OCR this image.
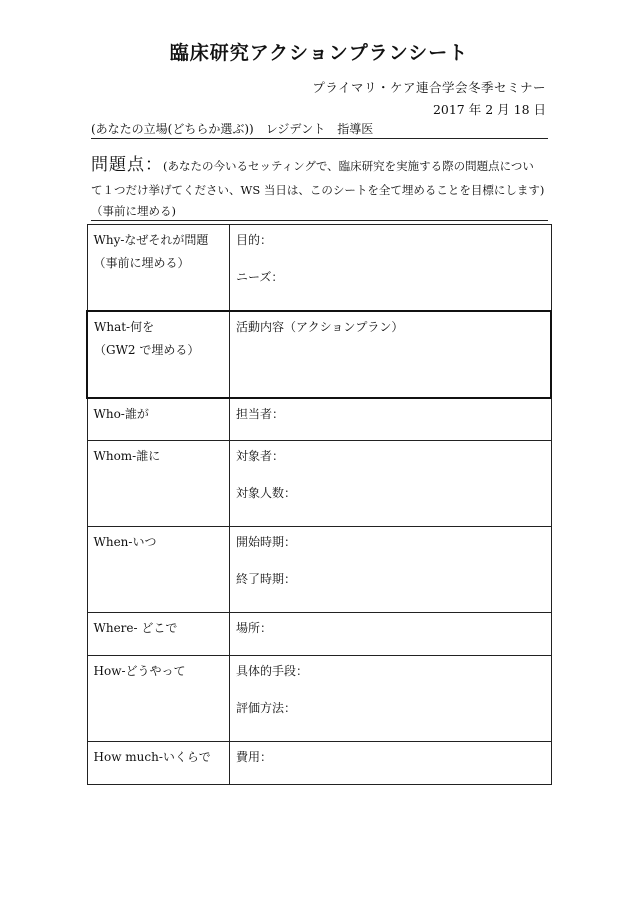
臨床研究アクションプランシート
プライマリ・ケア連合学会冬季セミナー
2017 年 2 月 18 日
(あなたの立場(どちらか選ぶ))　レジデント　指導医
問題点：(あなたの今いるセッティングで、臨床研究を実施する際の問題点につい
て１つだけ挙げてください、WS 当日は、このシートを全て埋めることを目標にします)
（事前に埋める)
Why-なぜそれが問題
（事前に埋める）	目的：
ニーズ：

What-何を
（GW2 で埋める）	活動内容（アクションプラン）
Who-誰が	担当者：
Whom-誰に	対象者：
対象人数：

When-いつ	開始時期：
終了時期：

Where- どこで	場所：
How-どうやって	具体的手段：
評価方法：

How much-いくらで	費用：
